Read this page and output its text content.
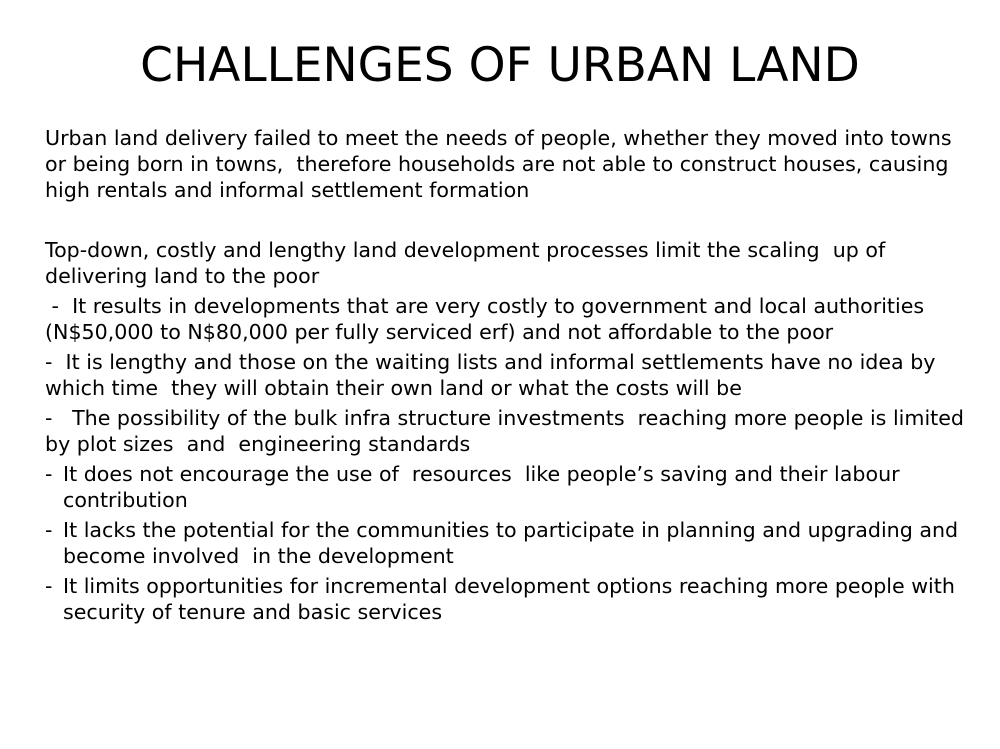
CHALLENGES OF URBAN LAND

Urban land delivery failed to meet the needs of people, whether they moved into towns or being born in towns,  therefore households are not able to construct houses, causing high rentals and informal settlement formation

Top-down, costly and lengthy land development processes limit the scaling  up of delivering land to the poor

-  It results in developments that are very costly to government and local authorities (N$50,000 to N$80,000 per fully serviced erf) and not affordable to the poor

-  It is lengthy and those on the waiting lists and informal settlements have no idea by which time  they will obtain their own land or what the costs will be

-   The possibility of the bulk infra structure investments  reaching more people is limited by plot sizes  and  engineering standards

- It does not encourage the use of  resources  like people’s saving and their labour contribution
- It lacks the potential for the communities to participate in planning and upgrading and become involved  in the development
- It limits opportunities for incremental development options reaching more people with security of tenure and basic services
